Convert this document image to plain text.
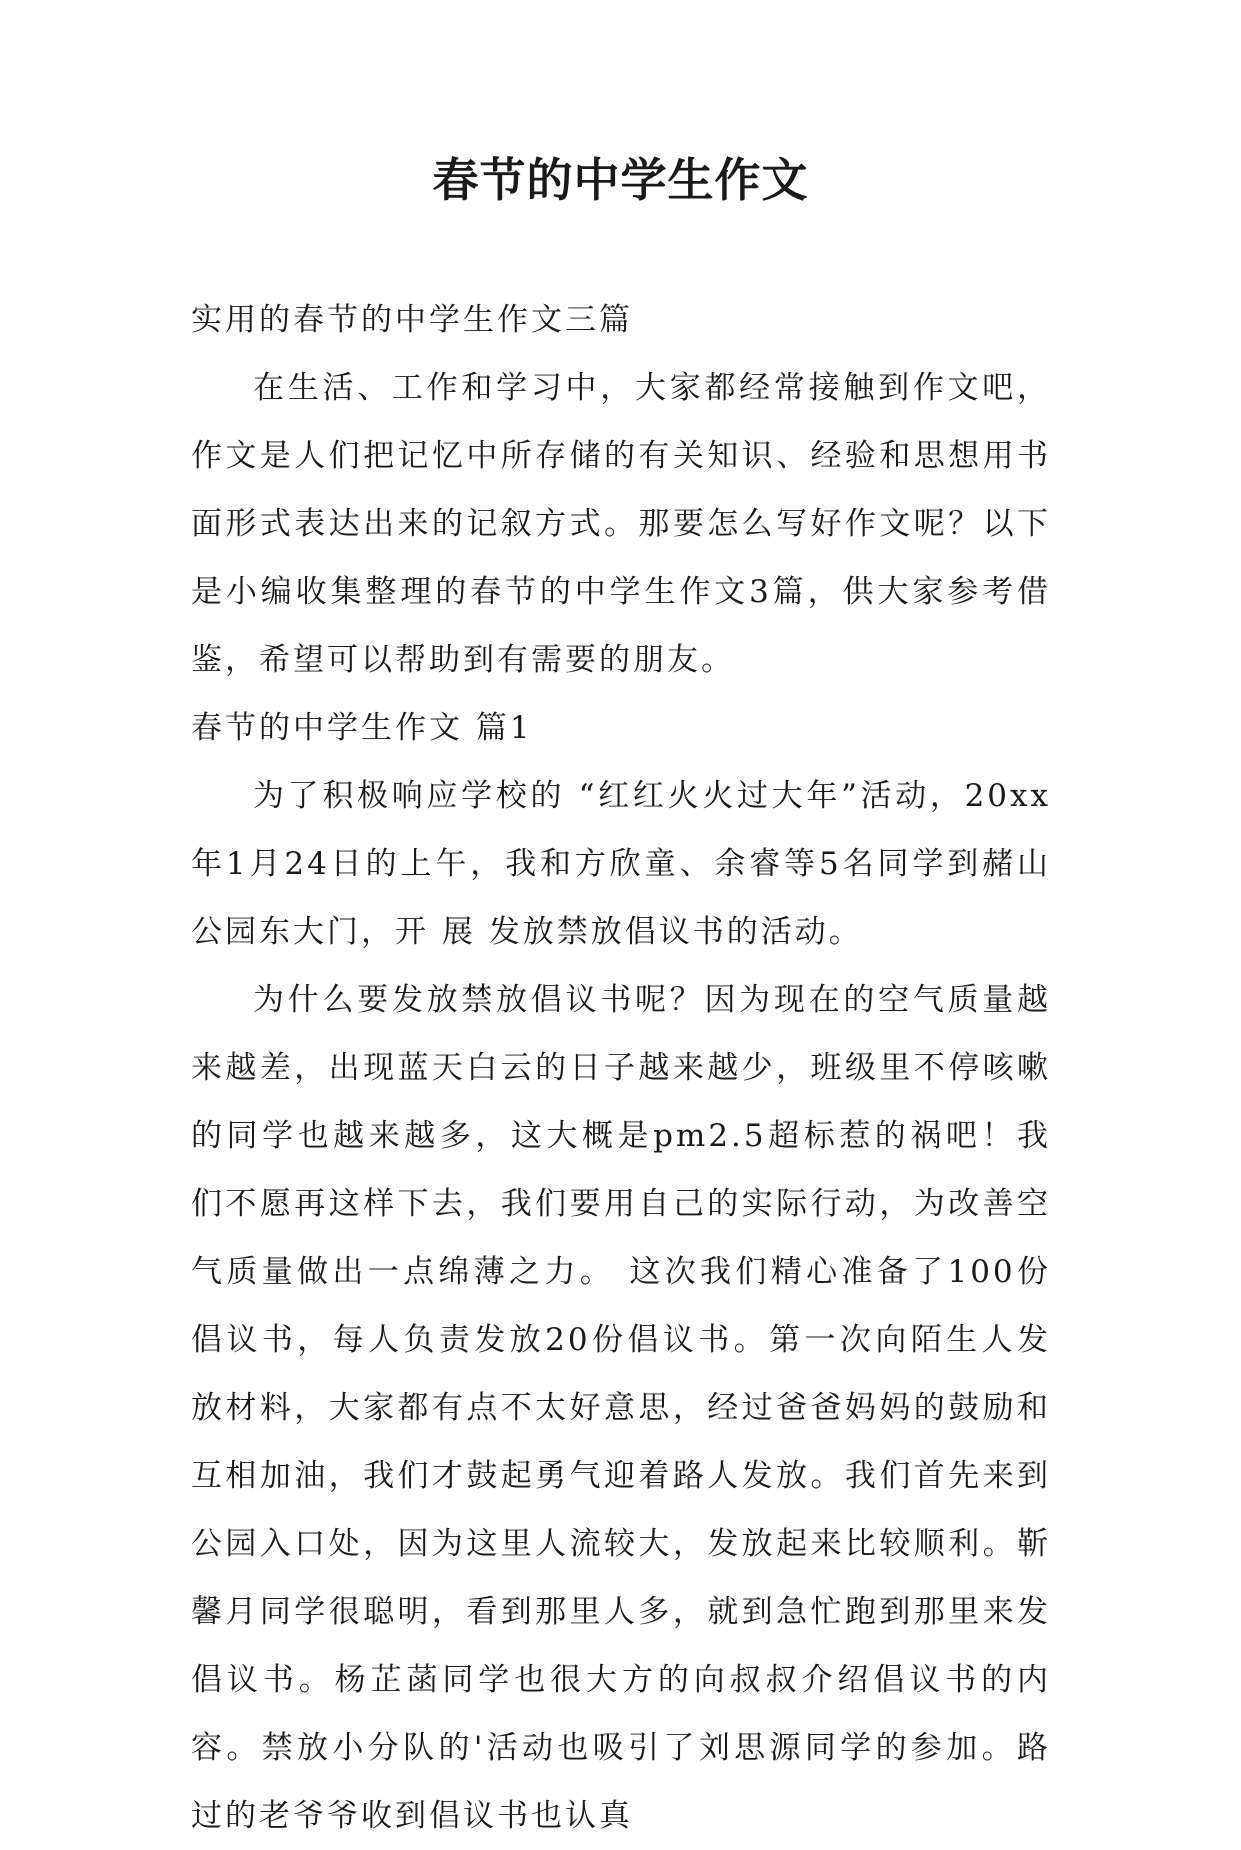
春节的中学生作文

实用的春节的中学生作文三篇

在生活、工作和学习中，大家都经常接触到作文吧，作文是人们把记忆中所存储的有关知识、经验和思想用书面形式表达出来的记叙方式。那要怎么写好作文呢？以下是小编收集整理的春节的中学生作文3篇，供大家参考借鉴，希望可以帮助到有需要的朋友。

春节的中学生作文 篇1

为了积极响应学校的 “红红火火过大年”活动，20xx年1月24日的上午，我和方欣童、余睿等5名同学到赭山公园东大门，开 展 发放禁放倡议书的活动。

为什么要发放禁放倡议书呢？因为现在的空气质量越来越差，出现蓝天白云的日子越来越少，班级里不停咳嗽的同学也越来越多，这大概是pm2.5超标惹的祸吧！我们不愿再这样下去，我们要用自己的实际行动，为改善空气质量做出一点绵薄之力。 这次我们精心准备了100份倡议书，每人负责发放20份倡议书。第一次向陌生人发放材料，大家都有点不太好意思，经过爸爸妈妈的鼓励和互相加油，我们才鼓起勇气迎着路人发放。我们首先来到公园入口处，因为这里人流较大，发放起来比较顺利。靳馨月同学很聪明，看到那里人多，就到急忙跑到那里来发倡议书。杨芷菡同学也很大方的向叔叔介绍倡议书的内容。禁放小分队的'活动也吸引了刘思源同学的参加。路过的老爷爷收到倡议书也认真
